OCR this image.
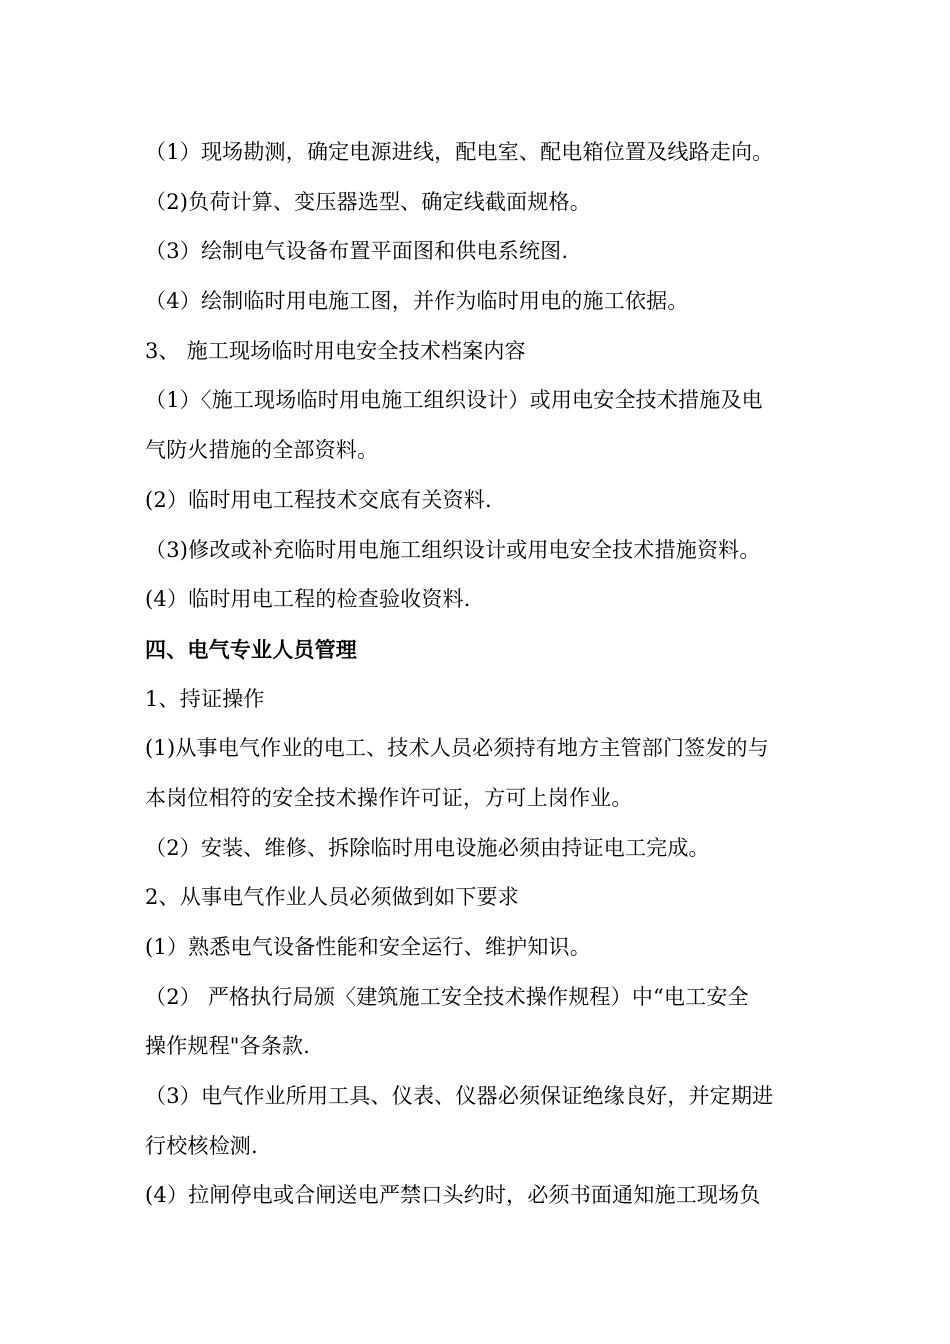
（1）现场勘测，确定电源进线，配电室、配电箱位置及线路走向。
（2)负荷计算、变压器选型、确定线截面规格。
（3）绘制电气设备布置平面图和供电系统图.
（4）绘制临时用电施工图，并作为临时用电的施工依据。
3、 施工现场临时用电安全技术档案内容
（1）〈施工现场临时用电施工组织设计）或用电安全技术措施及电
气防火措施的全部资料。
(2）临时用电工程技术交底有关资料.
（3)修改或补充临时用电施工组织设计或用电安全技术措施资料。
(4）临时用电工程的检查验收资料.
四、电气专业人员管理
1、持证操作
(1)从事电气作业的电工、技术人员必须持有地方主管部门签发的与
本岗位相符的安全技术操作许可证，方可上岗作业。
（2）安装、维修、拆除临时用电设施必须由持证电工完成。
2、从事电气作业人员必须做到如下要求
(1）熟悉电气设备性能和安全运行、维护知识。
（2） 严格执行局颁〈建筑施工安全技术操作规程）中“电工安全
操作规程"各条款.
（3）电气作业所用工具、仪表、仪器必须保证绝缘良好，并定期进
行校核检测.
(4）拉闸停电或合闸送电严禁口头约时，必须书面通知施工现场负
